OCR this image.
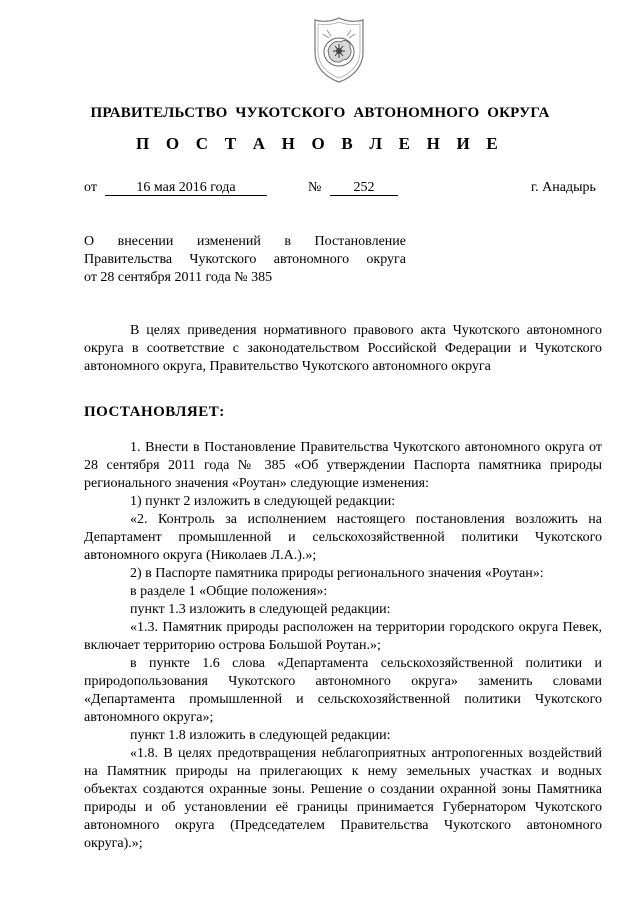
ПРАВИТЕЛЬСТВО  ЧУКОТСКОГО  АВТОНОМНОГО  ОКРУГА
П О С Т А Н О В Л Е Н И Е
от	16 мая 2016 года	№	252	г. Анадырь
О внесении изменений в Постановление
Правительства Чукотского автономного округа
от 28 сентября 2011 года № 385

В целях приведения нормативного правового акта Чукотского автономного округа в соответствие с законодательством Российской Федерации и Чукотского автономного округа, Правительство Чукотского автономного округа

ПОСТАНОВЛЯЕТ:

1. Внести в Постановление Правительства Чукотского автономного округа от 28 сентября 2011 года № 385 «Об утверждении Паспорта памятника природы регионального значения «Роутан» следующие изменения:

1) пункт 2 изложить в следующей редакции:

«2. Контроль за исполнением настоящего постановления возложить на Департамент промышленной и сельскохозяйственной политики Чукотского автономного округа (Николаев Л.А.).»;

2) в Паспорте памятника природы регионального значения «Роутан»:

в разделе 1 «Общие положения»:

пункт 1.3 изложить в следующей редакции:

«1.3. Памятник природы расположен на территории городского округа Певек, включает территорию острова Большой Роутан.»;

в пункте 1.6 слова «Департамента сельскохозяйственной политики и природопользования Чукотского автономного округа» заменить словами «Департамента промышленной и сельскохозяйственной политики Чукотского автономного округа»;

пункт 1.8 изложить в следующей редакции:

«1.8. В целях предотвращения неблагоприятных антропогенных воздействий на Памятник природы на прилегающих к нему земельных участках и водных объектах создаются охранные зоны. Решение о создании охранной зоны Памятника природы и об установлении её границы принимается Губернатором Чукотского автономного округа (Председателем Правительства Чукотского автономного округа).»;
